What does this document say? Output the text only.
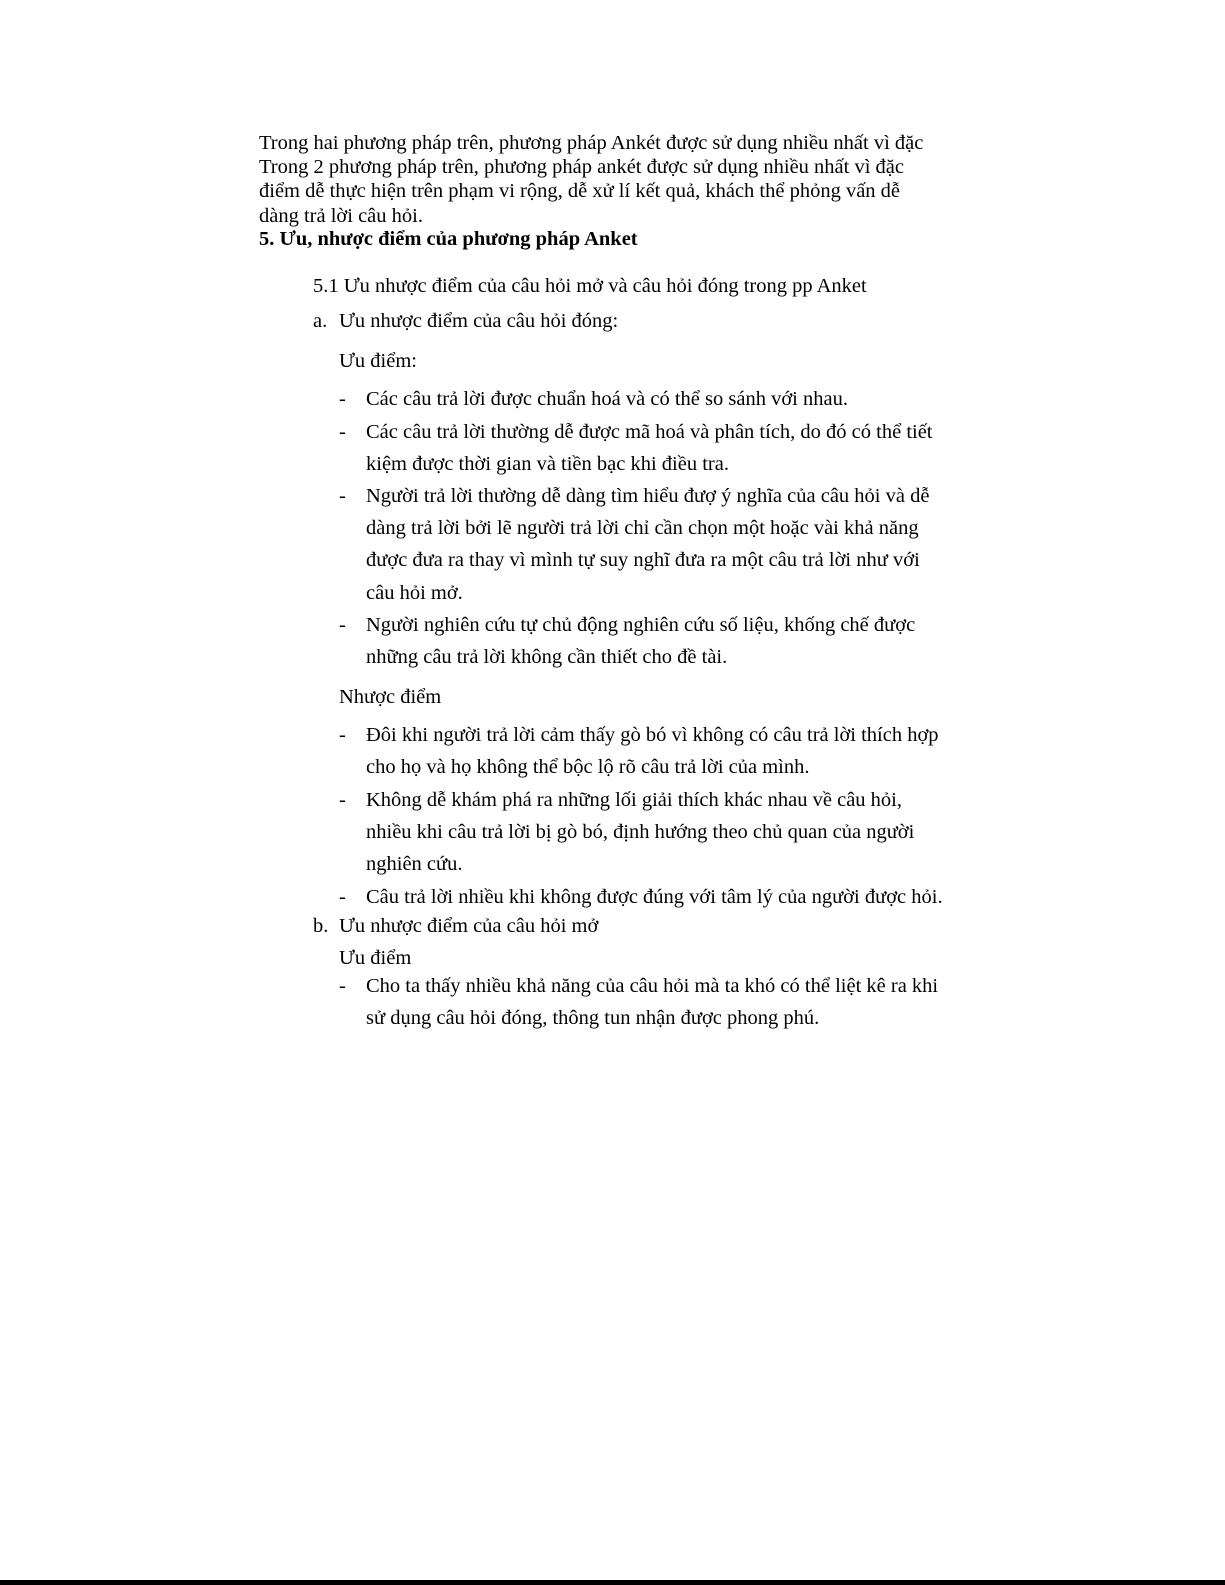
Trong hai phương pháp trên, phương pháp Ankét được sử dụng nhiều nhất vì đặc
Trong 2 phương pháp trên, phương pháp ankét được sử dụng nhiều nhất vì đặc
điểm dễ thực hiện trên phạm vi rộng, dễ xử lí kết quả, khách thể phỏng vấn dễ
dàng trả lời câu hỏi.
5. Ưu, nhược điểm của phương pháp Anket
5.1 Ưu nhược điểm của câu hỏi mở và câu hỏi đóng trong pp Anket
a. Ưu nhược điểm của câu hỏi đóng:
Ưu điểm:
- Các câu trả lời được chuẩn hoá và có thể so sánh với nhau.
- Các câu trả lời thường dễ được mã hoá và phân tích, do đó có thể tiết
kiệm được thời gian và tiền bạc khi điều tra.
- Người trả lời thường dễ dàng tìm hiểu đượ ý nghĩa của câu hỏi và dễ
dàng trả lời bởi lẽ người trả lời chỉ cần chọn một hoặc vài khả năng
được đưa ra thay vì mình tự suy nghĩ đưa ra một câu trả lời như với
câu hỏi mở.
- Người nghiên cứu tự chủ động nghiên cứu số liệu, khống chế được
những câu trả lời không cần thiết cho đề tài.
Nhược điểm
- Đôi khi người trả lời cảm thấy gò bó vì không có câu trả lời thích hợp
cho họ và họ không thể bộc lộ rõ câu trả lời của mình.
- Không dễ khám phá ra những lối giải thích khác nhau về câu hỏi,
nhiều khi câu trả lời bị gò bó, định hướng theo chủ quan của người
nghiên cứu.
- Câu trả lời nhiều khi không được đúng với tâm lý của người được hỏi.
b. Ưu nhược điểm của câu hỏi mở
Ưu điểm
- Cho ta thấy nhiều khả năng của câu hỏi mà ta khó có thể liệt kê ra khi
sử dụng câu hỏi đóng, thông tun nhận được phong phú.
